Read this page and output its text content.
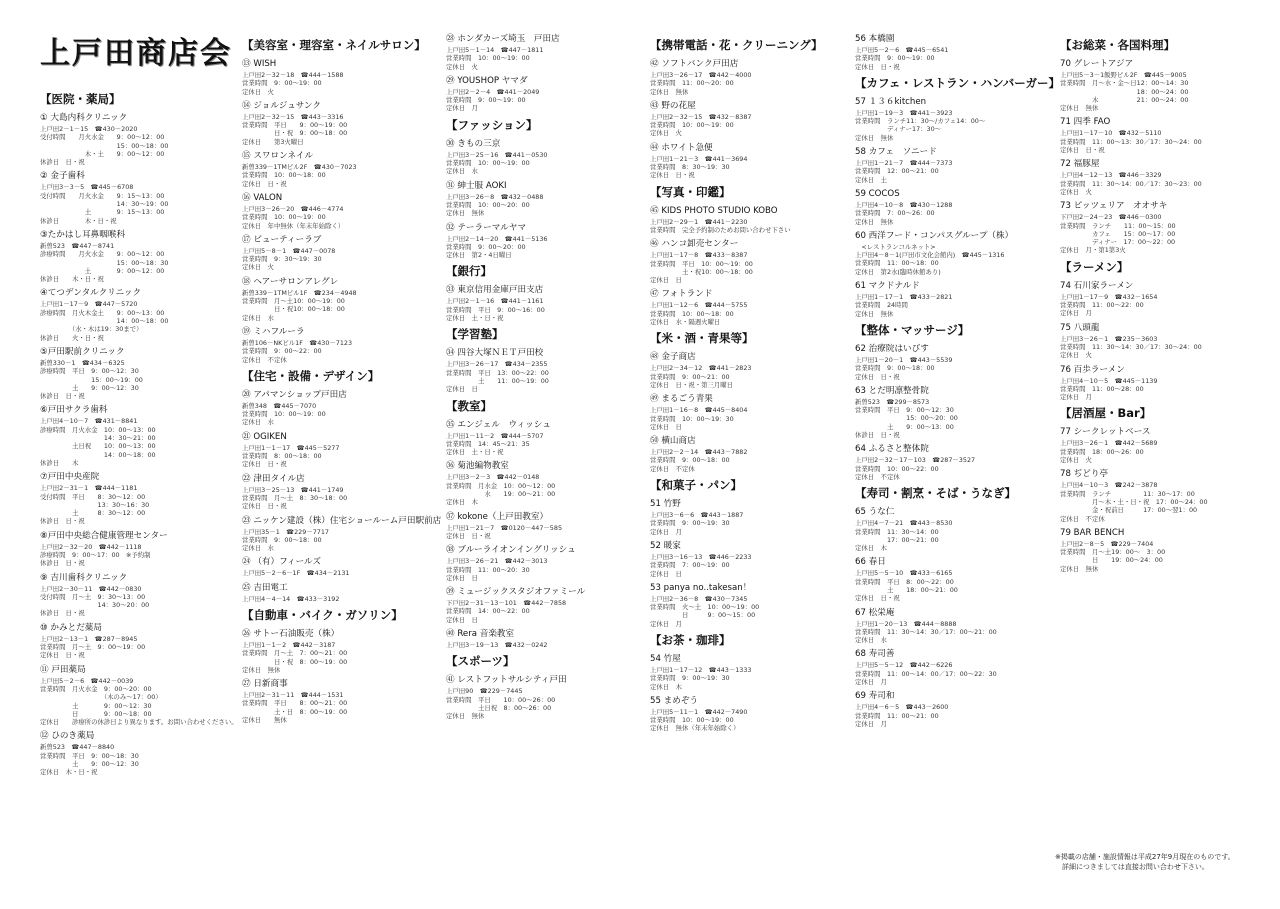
上戸田商店会
【医院・薬局】
① 大島内科クリニック
上戸田2－1－15　☎430－2020
受付時間　　月火水金　　9：00～12：00
　　　　　　　　　　　　15：00～18：00
　　　　　　　木・土　　9：00～12：00
休診日　日・祝
② 金子歯科
上戸田3－3－5　☎445－6708
受付時間　　月火水金　　9：15～13：00
　　　　　　　　　　　　14：30～19：00
　　　　　　　土　　　　9：15～13：00
休診日　　　　木・日・祝
③たかはし耳鼻咽喉科
新曽523　☎447－8741
診療時間　　月火水金　　9：00～12：00
　　　　　　　　　　　　15：00～18：30
　　　　　　　土　　　　9：00～12：00
休診日　　木・日・祝
④てつデンタルクリニック
上戸田1－17－9　☎447－5720
診療時間　月火木金土　　9：00～13：00
　　　　　　　　　　　　14：00～18：00
　　　　　（水・木は19：30まで）
休診日　　火・日・祝
⑤戸田駅前クリニック
新曽330－1　☎434－6325
診療時間　平日　9：00～12：30
　　　　　　　　15：00～19：00
　　　　　土　　9：00～12：30
休診日　日・祝
⑥戸田サクラ歯科
上戸田4－10－7　☎431－8841
診療時間　月火水金　10：00～13：00
　　　　　　　　　　14：30～21：00
　　　　　土日祝　　10：00～13：00
　　　　　　　　　　14：00～18：00
休診日　　木
⑦戸田中央産院
上戸田2－31－1　☎444－1181
受付時間　平日　　8：30～12：00
　　　　　　　　　13：30～16：30
　　　　　土　　　8：30～12：00
休診日　日・祝
⑧戸田中央総合健康管理センター
上戸田2－32－20　☎442－1118
診療時間　9：00～17：00　※予約制
休診日　日・祝
⑨ 吉川歯科クリニック
上戸田2－30－11　☎442－0830
受付時間　月～土　9：30～13：00
　　　　　　　　　14：30～20：00
休診日　日・祝
⑩ かみとだ薬局
上戸田2－13－1　☎287－8945
営業時間　月～土　9：00～19：00
定休日　日・祝
⑪ 戸田薬局
上戸田5－2－6　☎442－0039
営業時間　月火水金　9：00～20：00
　　　　　　　　　　（木のみ～17：00）
　　　　　土　　　　9：00～12：30
　　　　　日　　　　9：00～18：00
定休日　　診療所の休診日より異なります。お問い合わせください。
⑫ ひのき薬局
新曽523　☎447－8840
営業時間　平日　9：00～18：30
　　　　　土　　9：00～12：30
定休日　木・日・祝
【美容室・理容室・ネイルサロン】
⑬ WISH
上戸田2－32－18　☎444－1588
営業時間　9：00～19：00
定休日　火
⑭ ジョルジュサンク
上戸田2－32－15　☎443－3316
営業時間　平日　　9：00～19：00
　　　　　日・祝　9：00～18：00
定休日　　第3火曜日
⑮ スワロンネイル
新曽339－1TMビル2F　☎430－7023
営業時間　10：00～18：00
定休日　日・祝
⑯ VALON
上戸田3－26－20　☎446－4774
営業時間　10：00～19：00
定休日　年中無休（年末年始除く）
⑰ ビューティーラブ
上戸田5－8－1　☎447－0078
営業時間　9：30～19：30
定休日　火
⑱ ヘアーサロンアレグレ
新曽339－1TMビル1F　☎234－4948
営業時間　月～土10：00～19：00
　　　　　日・祝10：00～18：00
定休日　水
⑲ ミハフルーラ
新曽106－NKビル1F　☎430－7123
営業時間　9：00～22：00
定休日　不定休
【住宅・設備・デザイン】
⑳ アパマンショップ戸田店
新曽348　☎445－7070
営業時間　10：00～19：00
定休日　水
㉑ OGIKEN
上戸田1－1－17　☎445－5277
営業時間　8：00～18：00
定休日　日・祝
㉒ 津田タイル店
上戸田3－25－13　☎441－1749
営業時間　月～土　8：30～18：00
定休日　日・祝
㉓ ニッケン建設（株）住宅ショールーム戸田駅前店
上戸田35－1　☎229－7717
営業時間　9：00～18：00
定休日　水
㉔ （有）フィールズ
上戸田5－2－6－1F　☎434－2131
㉕ 吉田電工
上戸田4－4－14　☎433－3192
【自動車・バイク・ガソリン】
㉖ サトー石油販売（株）
上戸田1－1－2　☎442－3187
営業時間　月～土　7：00～21：00
　　　　　日・祝　8：00～19：00
定休日　無休
㉗ 日新商事
上戸田2－31－11　☎444－1531
営業時間　平日　　8：00～21：00
　　　　　土・日　8：00～19：00
定休日　　無休
㉘ ホンダカーズ埼玉　戸田店
上戸田5－1－14　☎447－1811
営業時間　10：00～19：00
定休日　火
㉙ YOUSHOP ヤマダ
上戸田2－2－4　☎441－2049
営業時間　9：00～19：00
定休日　月
【ファッション】
㉚ きもの三京
上戸田3－25－16　☎441－0530
営業時間　10：00～19：00
定休日　水
㉛ 紳士服 AOKI
上戸田3－26－8　☎432－0488
営業時間　10：00～20：00
定休日　無休
㉜ テーラーマルヤマ
上戸田2－14－20　☎441－5136
営業時間　9：00～20：00
定休日　第2・4日曜日
【銀行】
㉝ 東京信用金庫戸田支店
上戸田2－1－16　☎441－1161
営業時間　平日　9：00～16：00
定休日　土・日・祝
【学習塾】
㉞ 四谷大塚ＮＥＴ戸田校
上戸田3－26－17　☎434－2355
営業時間　平日　13：00～22：00
　　　　　土　　11：00～19：00
定休日　日
【教室】
㉟ エンジェル　ウィッシュ
上戸田1－11－2　☎444－5707
営業時間　14：45～21：35
定休日　土・日・祝
㊱ 菊池編物教室
上戸田3－2－3　☎442－0148
営業時間　月水金　10：00～12：00
　　　　　　水　　19：00～21：00
定休日　木
㊲ kokone（上戸田教室）
上戸田1－21－7　☎0120－447－585
定休日　日・祝
㊳ ブルーライオンイングリッシュ
上戸田3－26－21　☎442－3013
営業時間　11：00～20：30
定休日　日
㊴ ミュージックスタジオファミール
下戸田2－31－13－101　☎442－7858
営業時間　14：00～22：00
定休日　日
㊵ Rera 音楽教室
上戸田3－19－13　☎432－0242
【スポーツ】
㊶ レストフットサルシティ戸田
上戸田90　☎229－7445
営業時間　平日　　10：00～26：00
　　　　　土日祝　8：00～26：00
定休日　無休
【携帯電話・花・クリーニング】
㊷ ソフトバンク戸田店
上戸田3－26－17　☎442－4000
営業時間　11：00～20：00
定休日　無休
㊸ 野の花屋
上戸田2－32－15　☎432－8387
営業時間　10：00～19：00
定休日　火
㊹ ホワイト急便
上戸田1－21－3　☎441－3694
営業時間　8：30～19：30
定休日　日・祝
【写真・印鑑】
㊺ KIDS PHOTO STUDIO KOBO
上戸田2－29－1　☎441－2230
営業時間　完全予約制のためお問い合わせ下さい
㊻ ハンコ卸売センター
上戸田1－17－8　☎433－8387
営業時間　平日　10：00～19：00
　　　　　土・祝10：00～18：00
定休日　日
㊼ フォトランド
上戸田1－12－6　☎444－5755
営業時間　10：00～18：00
定休日　水・隔週火曜日
【米・酒・青果等】
㊽ 金子商店
上戸田2－34－12　☎441－2823
営業時間　9：00～21：00
定休日　日・祝・第三月曜日
㊾ まるごう青果
上戸田1－16－8　☎445－8404
営業時間　10：00～19：30
定休日　日
㊿ 横山商店
上戸田2－2－14　☎443－7882
営業時間　9：00～18：00
定休日　不定休
【和菓子・パン】
51 竹野
上戸田3－6－6　☎443－1887
営業時間　9：00～19：30
定休日　月
52 暖家
上戸田3－16－13　☎446－2233
営業時間　7：00～19：00
定休日　日
53 panya no..takesan！
上戸田2－36－8　☎430－7345
営業時間　火～土　10：00～19：00
　　　　　日　　　9：00～15：00
定休日　月
【お茶・珈琲】
54 竹屋
上戸田1－17－12　☎443－1333
営業時間　9：00～19：30
定休日　木
55 まめぞう
上戸田5－11－1　☎442－7490
営業時間　10：00～19：00
定休日　無休（年末年始除く）
56 本橋園
上戸田5－2－6　☎445－6541
営業時間　9：00～19：00
定休日　日・祝
【カフェ・レストラン・ハンバーガー】
57 １３６kitchen
上戸田1－19－3　☎441－3923
営業時間　ランチ11：30～/カフェ14：00～
　　　　　ディナー17：30～
定休日　無休
58 カフェ　ソニード
上戸田1－21－7　☎444－7373
営業時間　12：00～21：00
定休日　土
59 COCOS
上戸田4－10－8　☎430－1288
営業時間　7：00～26：00
定休日　無休
60 西洋フード・コンパスグループ（株）
　<レストランコルネット>
上戸田4－8－1(戸田市文化会館内)　☎445－1316
営業時間　11：00～18：00
定休日　第2水(臨時休館あり)
61 マクドナルド
上戸田1－17－1　☎433－2821
営業時間　24時間
定休日　無休
【整体・マッサージ】
62 治療院はいびす
上戸田1－20－1　☎443－5539
営業時間　9：00～18：00
定休日　日・祝
63 とだ明凛整骨院
新曽523　☎299－8573
営業時間　平日　9：00～12：30
　　　　　　　　15：00～20：00
　　　　　土　　9：00～13：00
休診日　日・祝
64 ふるさと整体院
上戸田2－32－17－103　☎287－3527
営業時間　10：00～22：00
定休日　不定休
【寿司・割烹・そば・うなぎ】
65 うな仁
上戸田4－7－21　☎443－8530
営業時間　11：30～14：00
　　　　　17：00～21：00
定休日　木
66 春日
上戸田5－5－10　☎433－6165
営業時間　平日　8：00～22：00
　　　　　土　　18：00～21：00
定休日　日・祝
67 松栄庵
上戸田1－20－13　☎444－8888
営業時間　11：30～14：30／17：00～21：00
定休日　水
68 寿司善
上戸田5－5－12　☎442－6226
営業時間　11：00～14：00／17：00～22：30
定休日　月
69 寿司和
上戸田4－6－5　☎443－2600
営業時間　11：00～21：00
定休日　月
【お総菜・各国料理】
70 グレートアジア
上戸田5－3－1飯野ビル2F　☎445－9005
営業時間　月～水・金～日12：00～14：30
　　　　　　　　　　　　18：00～24：00
　　　　　木　　　　　　21：00～24：00
定休日　無休
71 四季 FAO
上戸田1－17－10　☎432－5110
営業時間　11：00～13：30／17：30～24：00
定休日　日・祝
72 福豚屋
上戸田4－12－13　☎446－3329
営業時間　11：30～14：00／17：30～23：00
定休日　火
73 ピッツェリア　オオサキ
下戸田2－24－23　☎446－0300
営業時間　ランチ　　11：00～15：00
　　　　　カフェ　　15：00～17：00
　　　　　ディナー　17：00～22：00
定休日　月・第1第3火
【ラーメン】
74 石川家ラーメン
上戸田1－17－9　☎432－1654
営業時間　11：00～22：00
定休日　月
75 八頭龍
上戸田3－26－1　☎235－3603
営業時間　11：30～14：30／17：30～24：00
定休日　火
76 百歩ラーメン
上戸田4－10－5　☎445－1139
営業時間　11：00～28：00
定休日　月
【居酒屋・Bar】
77 シークレットベース
上戸田3－26－1　☎442－5689
営業時間　18：00～26：00
定休日　火
78 ぢどり亭
上戸田4－10－3　☎242－3878
営業時間　ランチ　　　　　11：30～17：00
　　　　　月～木・土・日・祝　17：00～24：00
　　　　　金・祝前日　　　17：00～翌1：00
定休日　不定休
79 BAR BENCH
上戸田2－8－5　☎229－7404
営業時間　月～土19：00～　3：00
　　　　　日　　19：00～24：00
定休日　無休
※掲載の店舗・施設情報は平成27年9月現在のものです。
　詳細につきましては直接お問い合わせ下さい。
